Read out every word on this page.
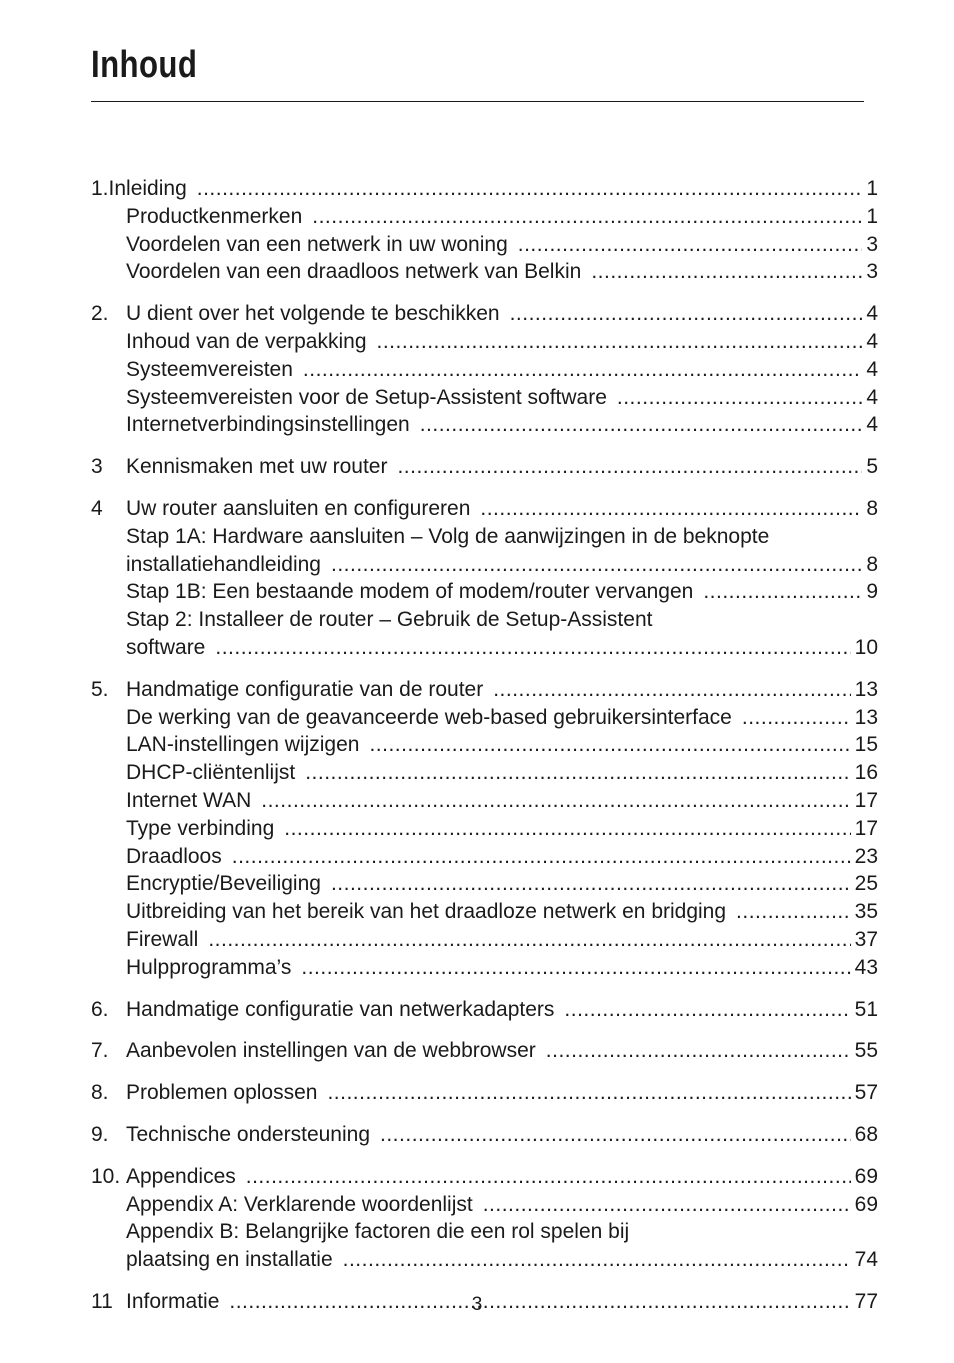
Inhoud
1. Inleiding .....	1
Productkenmerken .....	1
Voordelen van een netwerk in uw woning .....	3
Voordelen van een draadloos netwerk van Belkin .....	3
2. U dient over het volgende te beschikken .....	4
Inhoud van de verpakking .....	4
Systeemvereisten .....	4
Systeemvereisten voor de Setup-Assistent software .....	4
Internetverbindingsinstellingen .....	4
3	Kennismaken met uw router .....	5
4	Uw router aansluiten en configureren .....	8
Stap 1A: Hardware aansluiten – Volg de aanwijzingen in de beknopte
installatiehandleiding .....	8
Stap 1B: Een bestaande modem of modem/router vervangen .....	9
Stap 2: Installeer de router – Gebruik de Setup-Assistent
software .....	10
5. Handmatige configuratie van de router .....	13
De werking van de geavanceerde web-based gebruikersinterface .....	13
LAN-instellingen wijzigen .....	15
DHCP-cliëntenlijst .....	16
Internet WAN .....	17
Type verbinding .....	17
Draadloos .....	23
Encryptie/Beveiliging .....	25
Uitbreiding van het bereik van het draadloze netwerk en bridging .....	35
Firewall .....	37
Hulpprogramma’s .....	43
6. Handmatige configuratie van netwerkadapters .....	51
7. Aanbevolen instellingen van de webbrowser .....	55
8. Problemen oplossen .....	57
9. Technische ondersteuning .....	68
10. Appendices .....	69
Appendix A: Verklarende woordenlijst .....	69
Appendix B: Belangrijke factoren die een rol spelen bij
plaatsing en installatie .....	74
11 Informatie .....	77
3
